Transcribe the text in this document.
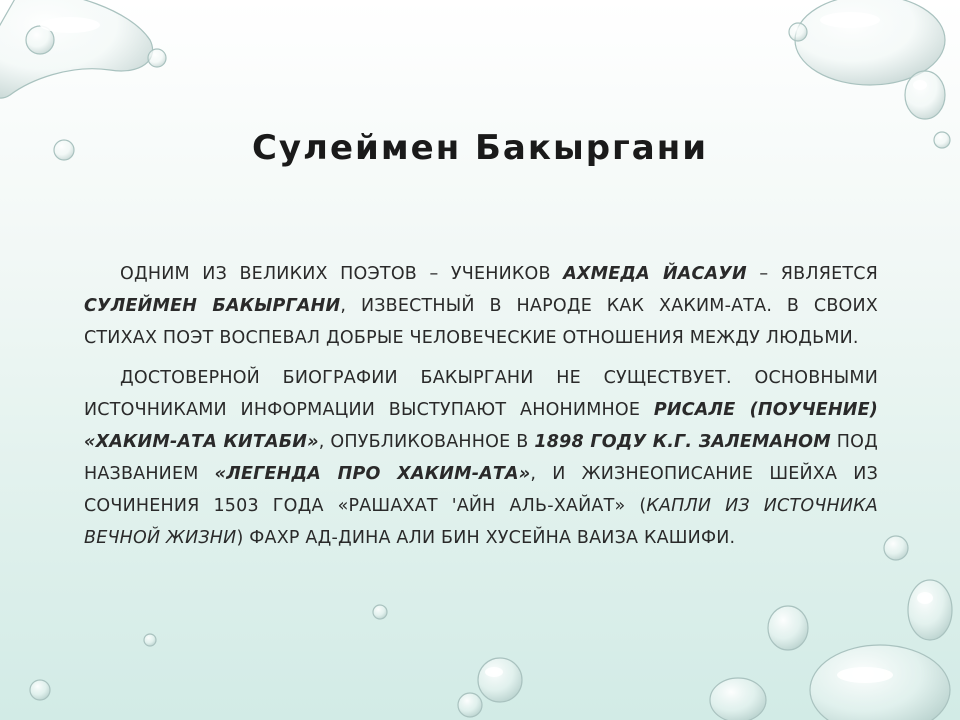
Сулеймен Бакыргани

ОДНИМ ИЗ ВЕЛИКИХ ПОЭТОВ – УЧЕНИКОВ АХМЕДА ЙАСАУИ – ЯВЛЯЕТСЯ СУЛЕЙМЕН БАКЫРГАНИ, ИЗВЕСТНЫЙ В НАРОДЕ КАК ХАКИМ-АТА. В СВОИХ СТИХАХ ПОЭТ ВОСПЕВАЛ ДОБРЫЕ ЧЕЛОВЕЧЕСКИЕ ОТНОШЕНИЯ МЕЖДУ ЛЮДЬМИ.

ДОСТОВЕРНОЙ БИОГРАФИИ БАКЫРГАНИ НЕ СУЩЕСТВУЕТ. ОСНОВНЫМИ ИСТОЧНИКАМИ ИНФОРМАЦИИ ВЫСТУПАЮТ АНОНИМНОЕ РИСАЛЕ (ПОУЧЕНИЕ) «ХАКИМ-АТА КИТАБИ», ОПУБЛИКОВАННОЕ В 1898 ГОДУ К.Г. ЗАЛЕМАНОМ ПОД НАЗВАНИЕМ «ЛЕГЕНДА ПРО ХАКИМ-АТА», И ЖИЗНЕОПИСАНИЕ ШЕЙХА ИЗ СОЧИНЕНИЯ 1503 ГОДА «РАШАХАТ 'АЙН АЛЬ-ХАЙАТ» (КАПЛИ ИЗ ИСТОЧНИКА ВЕЧНОЙ ЖИЗНИ) ФАХР АД-ДИНА АЛИ БИН ХУСЕЙНА ВАИЗА КАШИФИ.
